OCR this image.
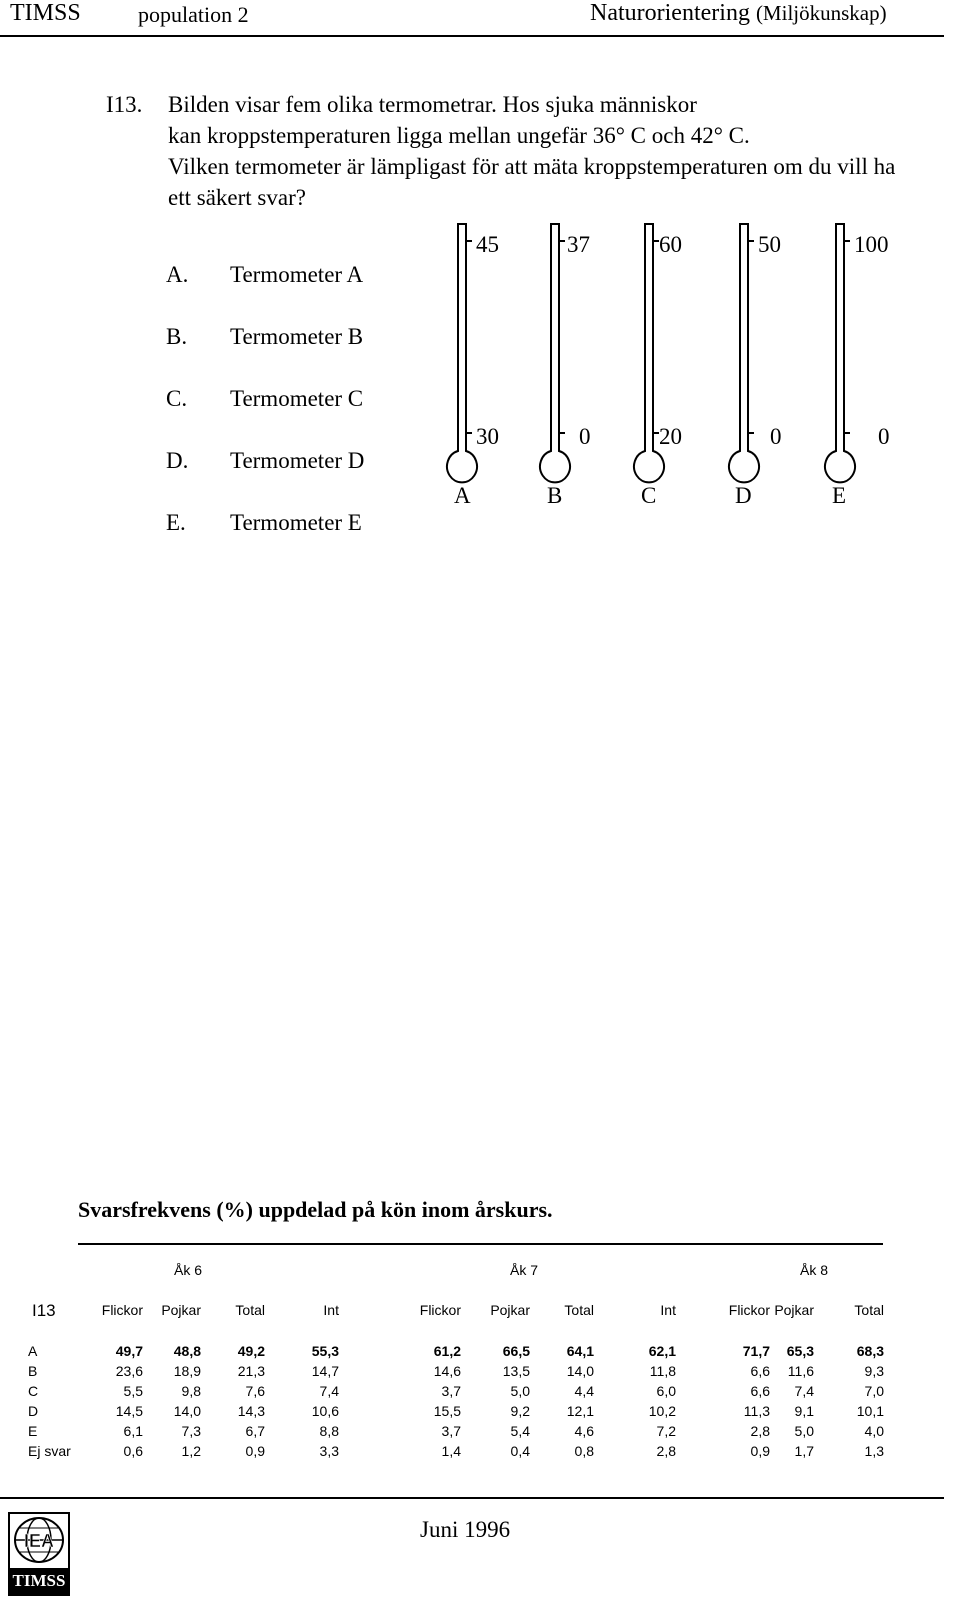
TIMSS	population 2	Naturorientering (Miljökunskap)
I13. Bilden visar fem olika termometrar. Hos sjuka människor
kan kroppstemperaturen ligga mellan ungefär 36° C och 42° C.
Vilken termometer är lämpligast för att mäta kroppstemperaturen om du vill ha
ett säkert svar?
A. Termometer A
B. Termometer B
C. Termometer C
D. Termometer D
E. Termometer E
45
30
A
37
0
B
60
20
C
50
0
D
100
0
E
Svarsfrekvens (%) uppdelad på kön inom årskurs.
Åk 6	Åk 7	Åk 8
I13	Flickor Pojkar Total	Int	Flickor Pojkar Total	Int	Flickor Pojkar	Total
A	49,7 48,8	49,2	55,3	61,2	66,5	64,1	62,1	71,7 65,3	68,3
B	23,6 18,9	21,3	14,7	14,6	13,5	14,0	11,8	6,6 11,6	9,3
C	5,5	9,8	7,6	7,4	3,7	5,0	4,4	6,0	6,6 7,4	7,0
D	14,5 14,0	14,3	10,6	15,5	9,2	12,1	10,2	11,3 9,1	10,1
E	6,1	7,3	6,7	8,8	3,7	5,4	4,6	7,2	2,8 5,0	4,0
Ej svar	0,6	1,2	0,9	3,3	1,4	0,4	0,8	2,8	0,9 1,7	1,3
Juni 1996
IEA
TIMSS
